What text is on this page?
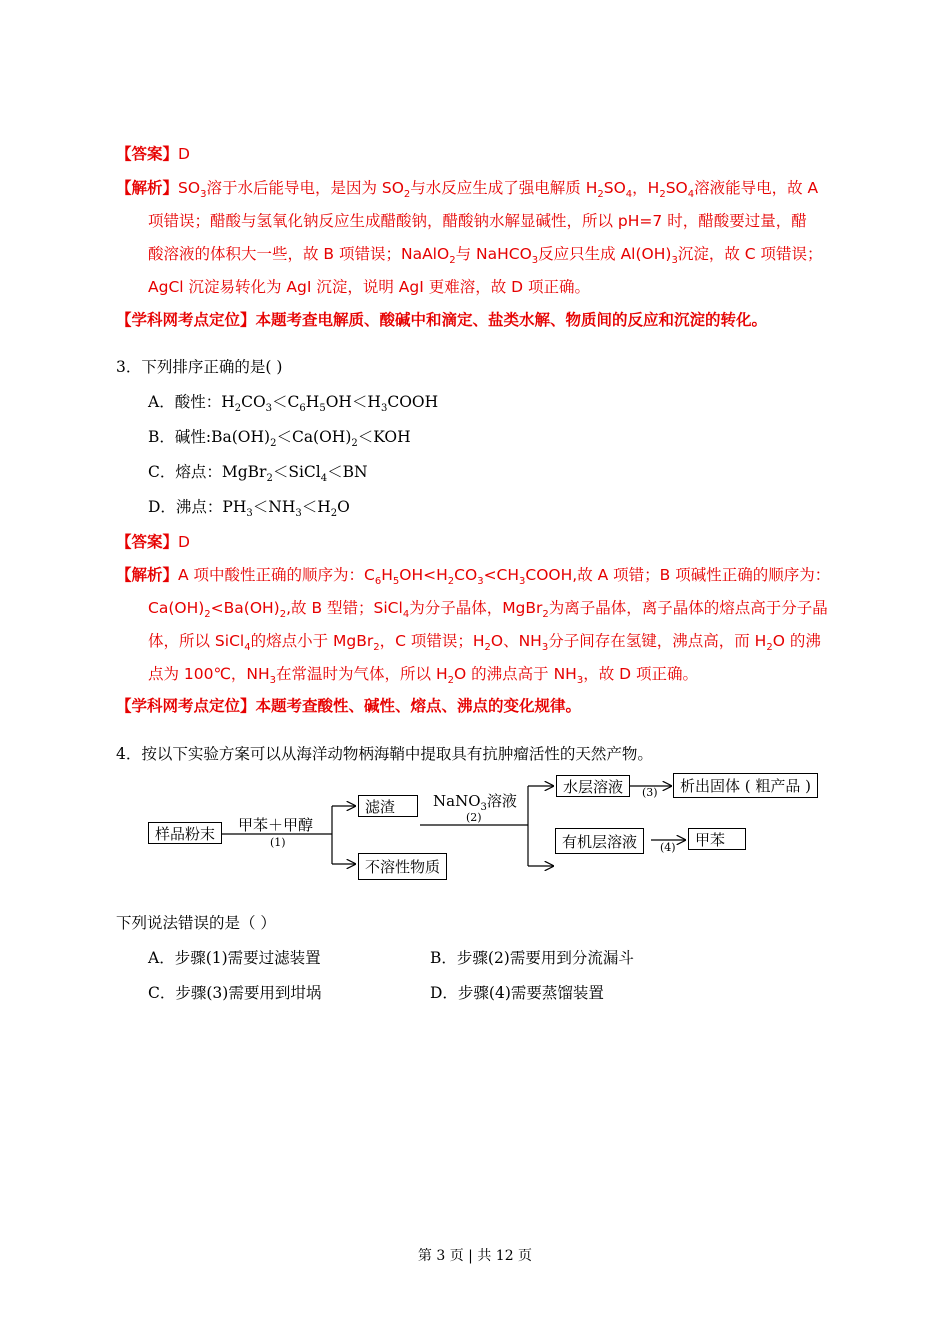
【答案】D
【解析】$SO_3$溶于水后能导电，是因为 $SO_2$与水反应生成了强电解质 $H_2SO_4$，$H_2SO_4$溶液能导电，故 A
项错误；醋酸与氢氧化钠反应生成醋酸钠，醋酸钠水解显碱性，所以 pH=7 时，醋酸要过量，醋
酸溶液的体积大一些，故 B 项错误；NaAlO$_2$与 NaHCO$_3$反应只生成 $Al(OH)_3$沉淀，故 C 项错误；
AgCl 沉淀易转化为 AgI 沉淀，说明 AgI 更难溶，故 D 项正确。
【学科网考点定位】本题考查电解质、酸碱中和滴定、盐类水解、物质间的反应和沉淀的转化。
3．下列排序正确的是( )
A．酸性：$H_2CO_3<C_6H_5OH<H_3COOH$
B．碱性$:Ba(OH)_2<Ca(OH)_2<KOH$
C．熔点：MgBr$_2$＜SiCl$_4$＜BN
D．沸点：$PH_3<NH_3<H_2O$
【答案】D
【解析】A 项中酸性正确的顺序为：$C_6H_5OH<H_2CO_3<CH_3COOH$,故 A 项错；B 项碱性正确的顺序为：
$Ca(OH)_2<Ba(OH)_2$,故 B 型错；SiCl$_4$为分子晶体，MgBr$_2$为离子晶体，离子晶体的熔点高于分子晶
体，所以 SiCl$_4$的熔点小于 MgBr$_2$，C 项错误；$H_2O$、$NH_3$分子间存在氢键，沸点高，而 $H_2O$ 的沸
点为 100℃，$NH_3$在常温时为气体，所以 $H_2O$ 的沸点高于 $NH_3$，故 D 项正确。
【学科网考点定位】本题考查酸性、碱性、熔点、沸点的变化规律。
4．按以下实验方案可以从海洋动物柄海鞘中提取具有抗肿瘤活性的天然产物。
样品粉末	甲苯＋甲醇
(1)
滤渣
不溶性物质
NaNO$_3$溶液
(2)
水层溶液	(3)	析出固体 ( 粗产品 )
有机层溶液	(4)	甲苯
下列说法错误的是（ ）
A．步骤(1)需要过滤装置	B．步骤(2)需要用到分流漏斗
C．步骤(3)需要用到坩埚	D．步骤(4)需要蒸馏装置
第 3 页 | 共 12 页
